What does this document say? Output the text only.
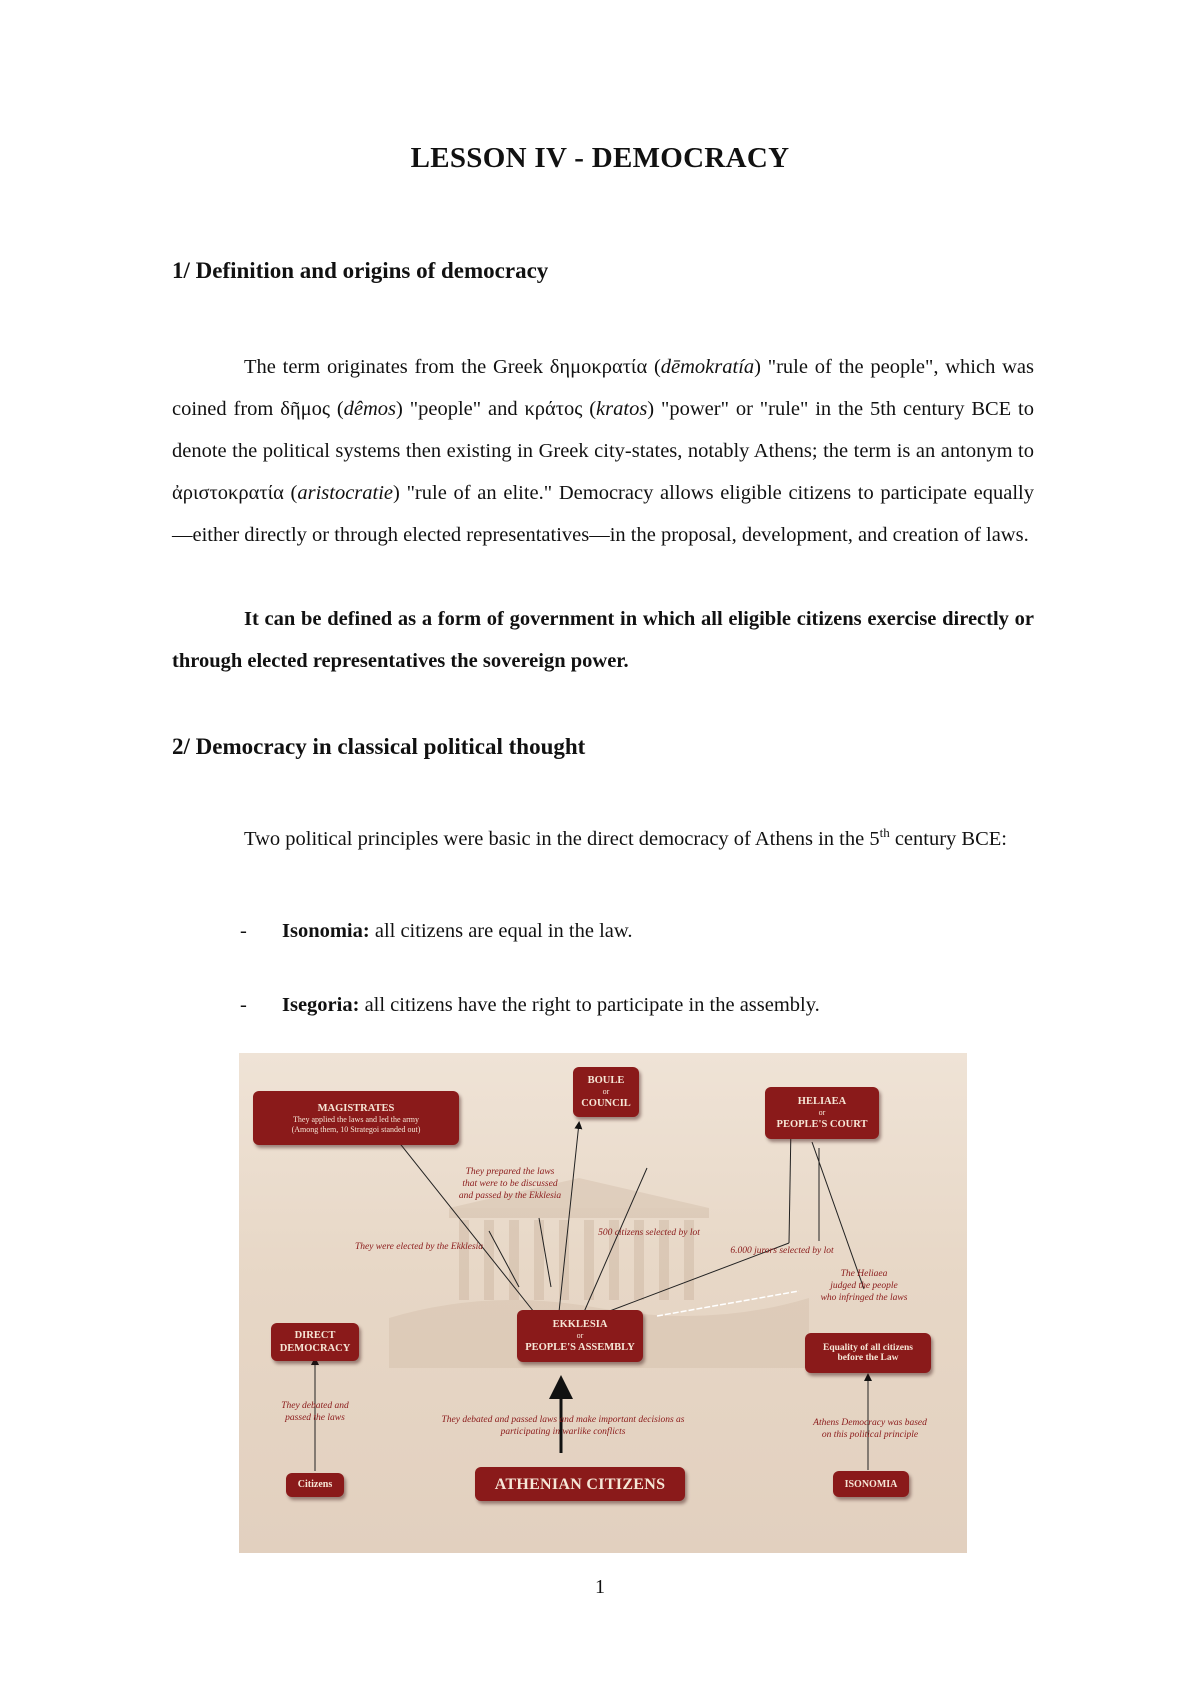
LESSON IV - DEMOCRACY
1/ Definition and origins of democracy

The term originates from the Greek δημοκρατία (dēmokratía) "rule of the people", which was coined from δῆμος (dêmos) "people" and κράτος (kratos) "power" or "rule" in the 5th century BCE to denote the political systems then existing in Greek city-states, notably Athens; the term is an antonym to ἀριστοκρατία (aristocratie) "rule of an elite." Democracy allows eligible citizens to participate equally—either directly or through elected representatives—in the proposal, development, and creation of laws.

It can be defined as a form of government in which all eligible citizens exercise directly or through elected representatives the sovereign power.

2/ Democracy in classical political thought

Two political principles were basic in the direct democracy of Athens in the 5th century BCE:

- Isonomia: all citizens are equal in the law.

- Isegoria: all citizens have the right to participate in the assembly.

MAGISTRATES
They applied the laws and led the army
(Among them, 10 Strategoi standed out)
BOULE
or
COUNCIL	HELIAEA
or
PEOPLE'S COURT
EKKLESIA
or
PEOPLE'S ASSEMBLY
DIRECT
DEMOCRACY	Equality of all citizens
before the Law
Citizens	ATHENIAN CITIZENS	ISONOMIA
They prepared the laws
that were to be discussed
and passed by the Ekklesia
They were elected by the Ekklesia
500 citizens selected by lot
6.000 jurors selected by lot
The Heliaea
judged the people
who infringed the laws
They debated and
passed the laws	They debated and passed laws and make important decisions as
participating in warlike conflicts
Athens Democracy was based
on this political principle
1
